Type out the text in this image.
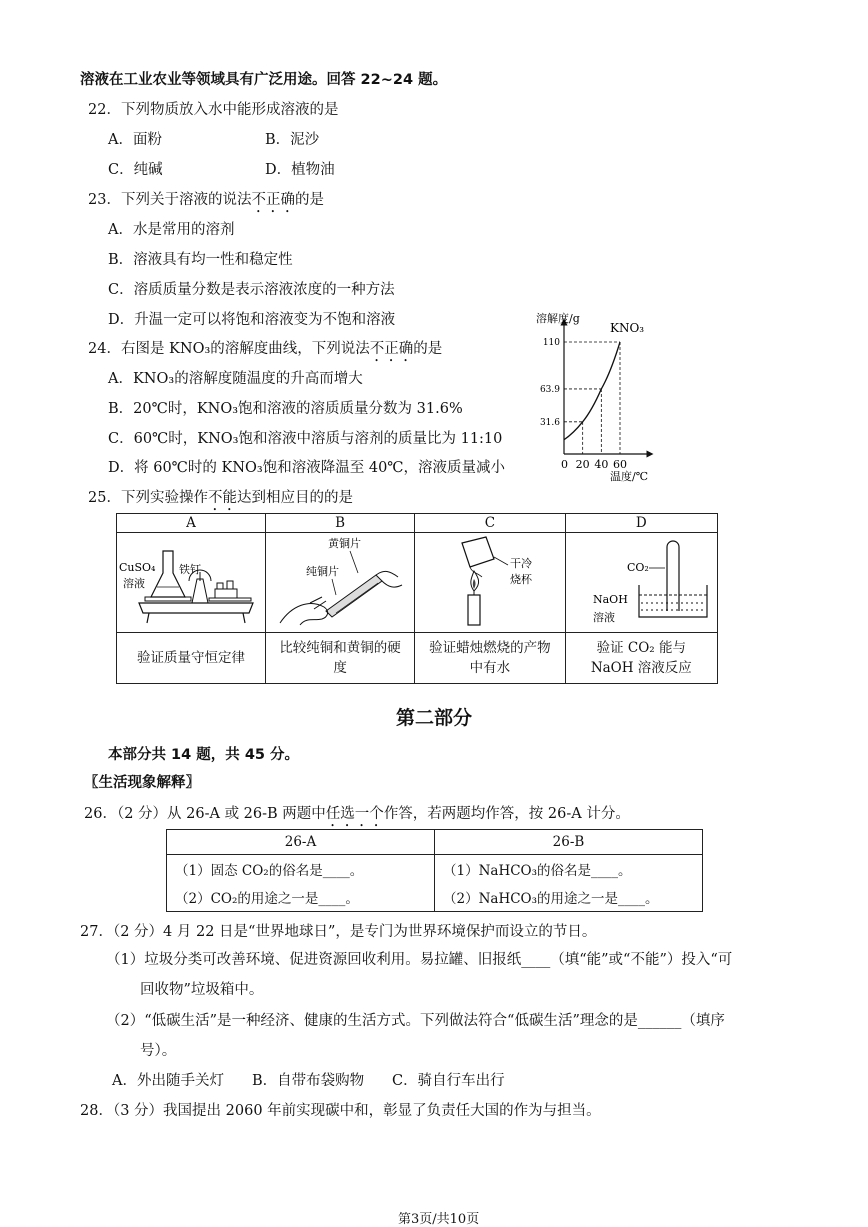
溶液在工业农业等领域具有广泛用途。回答 22~24 题。
22．下列物质放入水中能形成溶液的是
A．面粉	B．泥沙
C．纯碱	D．植物油
23．下列关于溶液的说法不正确的是
A．水是常用的溶剂
B．溶液具有均一性和稳定性
C．溶质质量分数是表示溶液浓度的一种方法
D．升温一定可以将饱和溶液变为不饱和溶液
24．右图是 KNO₃的溶解度曲线，下列说法不正确的是
A．KNO₃的溶解度随温度的升高而增大
B．20℃时，KNO₃饱和溶液的溶质质量分数为 31.6%
C．60℃时，KNO₃饱和溶液中溶质与溶剂的质量比为 11:10
D．将 60℃时的 KNO₃饱和溶液降温至 40℃，溶液质量减小
溶解度/g
温度/℃
0 20 40 60
31.6
63.9
110
KNO₃
25．下列实验操作不能达到相应目的的是
A	B	C	D

CuSO₄
溶液
铁钉	黄铜片
纯铜片	干冷
烧杯	CO₂
NaOH
溶液

验证质量守恒定律	比较纯铜和黄铜的硬度	验证蜡烛燃烧的产物中有水	验证 CO₂ 能与 NaOH 溶液反应
第二部分
本部分共 14 题，共 45 分。
〖生活现象解释〗
26．（2 分）从 26-A 或 26-B 两题中任选一个作答，若两题均作答，按 26-A 计分。
26-A	26-B
（1）固态 CO₂的俗名是____。	（1）NaHCO₃的俗名是____。
（2）CO₂的用途之一是____。	（2）NaHCO₃的用途之一是____。
27．（2 分）4 月 22 日是“世界地球日”，是专门为世界环境保护而设立的节日。
（1）垃圾分类可改善环境、促进资源回收利用。易拉罐、旧报纸____（填“能”或“不能”）投入“可
回收物”垃圾箱中。
（2）“低碳生活”是一种经济、健康的生活方式。下列做法符合“低碳生活”理念的是______（填序
号）。
A．外出随手关灯 B．自带布袋购物 C．骑自行车出行
28．（3 分）我国提出 2060 年前实现碳中和，彰显了负责任大国的作为与担当。
第3页/共10页
